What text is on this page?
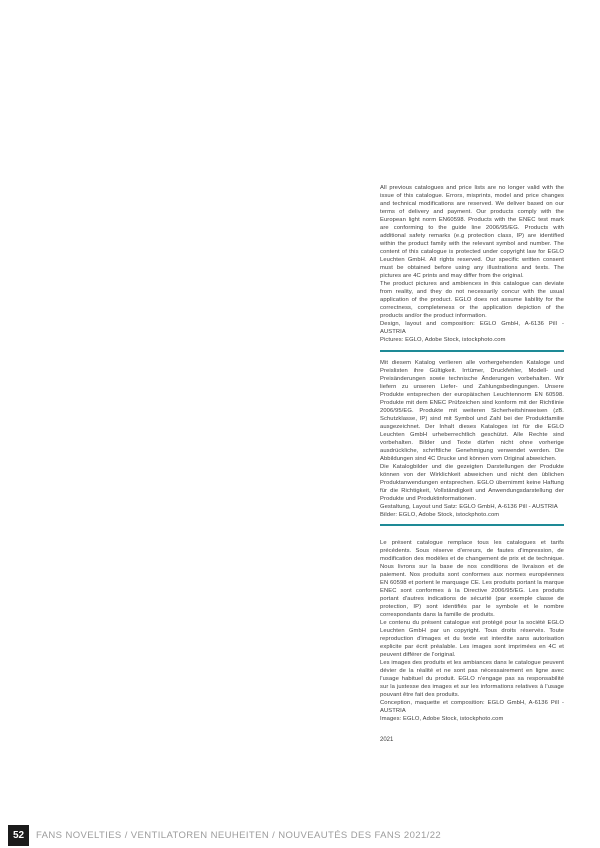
All previous catalogues and price lists are no longer valid with the issue of this catalogue. Errors, misprints, model and price changes and technical modifications are reserved. We deliver based on our terms of delivery and payment. Our products comply with the European light norm EN60598. Products with the ENEC test mark are conforming to the guide line 2006/95/EG. Products with additional safety remarks (e.g protection class, IP) are identified within the product family with the relevant symbol and number. The content of this catalogue is protected under copyright law for EGLO Leuchten GmbH. All rights reserved. Our specific written consent must be obtained before using any illustrations and texts. The pictures are 4C prints and may differ from the original.

The product pictures and ambiences in this catalogue can deviate from reality, and they do not necessarily concur with the usual application of the product. EGLO does not assume liability for the correctness, completeness or the application depiction of the products and/or the product information.

Design, layout and composition: EGLO GmbH, A-6136 Pill - AUSTRIA

Pictures: EGLO, Adobe Stock, istockphoto.com

Mit diesem Katalog verlieren alle vorhergehenden Kataloge und Preislisten ihre Gültigkeit. Irrtümer, Druckfehler, Modell- und Preisänderungen sowie technische Änderungen vorbehalten. Wir liefern zu unseren Liefer- und Zahlungsbedingungen. Unsere Produkte entsprechen der europäischen Leuchtennorm EN 60598. Produkte mit dem ENEC Prüfzeichen sind konform mit der Richtlinie 2006/95/EG. Produkte mit weiteren Sicherheitshinweisen (zB. Schutzklasse, IP) sind mit Symbol und Zahl bei der Produktfamilie ausgezeichnet. Der Inhalt dieses Kataloges ist für die EGLO Leuchten GmbH urheberrechtlich geschützt. Alle Rechte sind vorbehalten. Bilder und Texte dürfen nicht ohne vorherige ausdrückliche, schriftliche Genehmigung verwendet werden. Die Abbildungen sind 4C Drucke und können vom Original abweichen.

Die Katalogbilder und die gezeigten Darstellungen der Produkte können von der Wirklichkeit abweichen und nicht den üblichen Produktanwendungen entsprechen. EGLO übernimmt keine Haftung für die Richtigkeit, Vollständigkeit und Anwendungsdarstellung der Produkte und Produktinformationen.

Gestaltung, Layout und Satz: EGLO GmbH, A-6136 Pill - AUSTRIA

Bilder: EGLO, Adobe Stock, istockphoto.com

Le présent catalogue remplace tous les catalogues et tarifs précédents. Sous réserve d'erreurs, de fautes d'impression, de modification des modèles et de changement de prix et de technique. Nous livrons sur la base de nos conditions de livraison et de paiement. Nos produits sont conformes aux normes européennes EN 60598 et portent le marquage CE. Les produits portant la marque ENEC sont conformes à la Directive 2006/95/EG. Les produits portant d'autres indications de sécurité (par exemple classe de protection, IP) sont identifiés par le symbole et le nombre correspondants dans la famille de produits.

Le contenu du présent catalogue est protégé pour la société EGLO Leuchten GmbH par un copyright. Tous droits réservés. Toute reproduction d'images et du texte est interdite sans autorisation explicite par écrit préalable. Les images sont imprimées en 4C et peuvent différer de l'original.

Les images des produits et les ambiances dans le catalogue peuvent dévier de la réalité et ne sont pas nécessairement en ligne avec l'usage habituel du produit. EGLO n'engage pas sa responsabilité sur la justesse des images et sur les informations relatives à l'usage pouvant être fait des produits.

Conception, maquette et composition: EGLO GmbH, A-6136 Pill - AUSTRIA

Images: EGLO, Adobe Stock, istockphoto.com

2021

52	FANS NOVELTIES / VENTILATOREN NEUHEITEN / NOUVEAUTÉS DES FANS 2021/22
